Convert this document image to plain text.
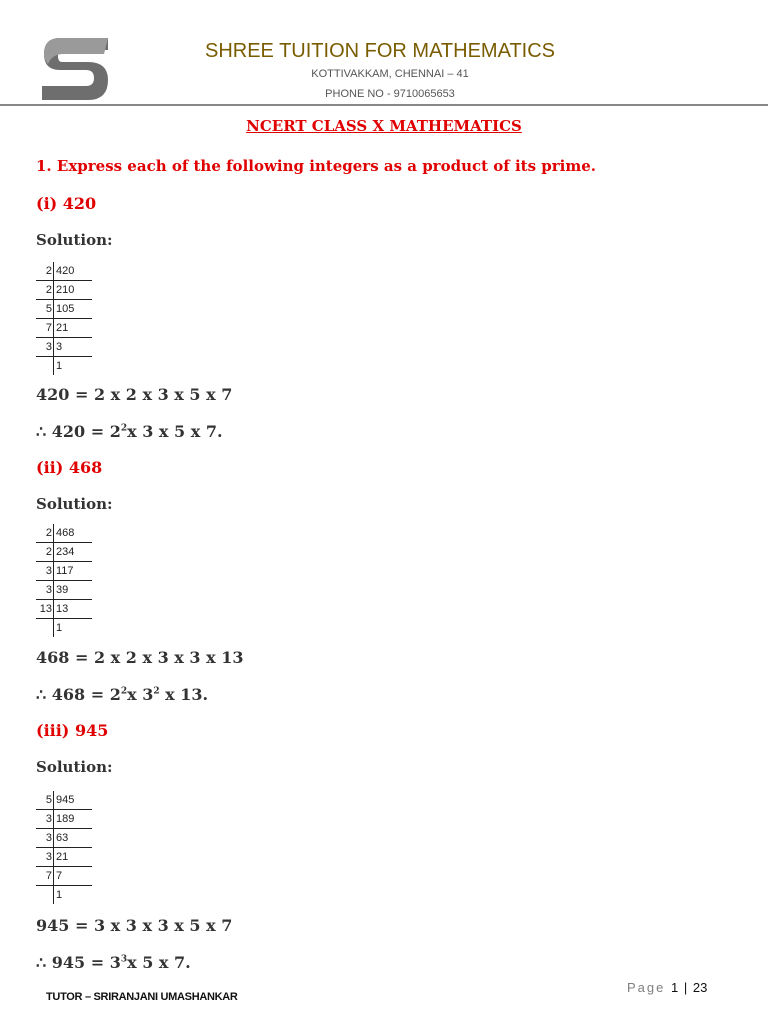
SHREE TUITION FOR MATHEMATICS
KOTTIVAKKAM, CHENNAI – 41
PHONE NO - 9710065653
NCERT CLASS X MATHEMATICS
1. Express each of the following integers as a product of its prime.
(i) 420
Solution:
2	420
2	210
5	105
7	21
3	3
	1
420 = 2 x 2 x 3 x 5 x 7
∴ $420 = 2^2x$ 3 x 5 x 7.
(ii) 468
Solution:
2	468
2	234
3	117
3	39
13	13
	1
468 = 2 x 2 x 3 x 3 x 13
∴ $468 = 2^2x$ $3^2$ x 13.
(iii) 945
Solution:
5	945
3	189
3	63
3	21
7	7
	1
945 = 3 x 3 x 3 x 5 x 7
∴ $945 = 3^3x$ 5 x 7.
TUTOR – SRIRANJANI UMASHANKAR
Page 1 | 23
